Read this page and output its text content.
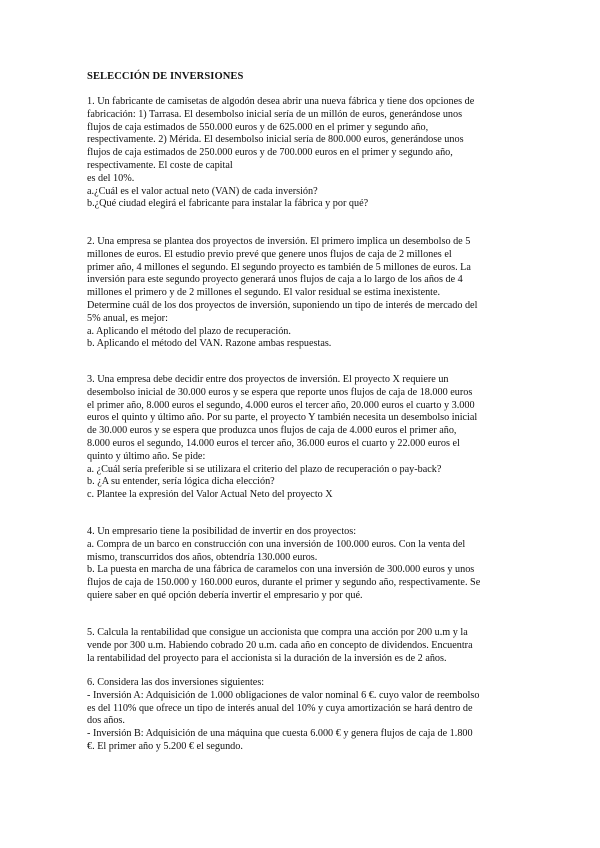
SELECCIÓN DE INVERSIONES

1. Un fabricante de camisetas de algodón desea abrir una nueva fábrica y tiene dos opciones de

fabricación: 1) Tarrasa. El desembolso inicial sería de un millón de euros, generándose unos

flujos de caja estimados de 550.000 euros y de 625.000 en el primer y segundo año,

respectivamente. 2) Mérida. El desembolso inicial sería de 800.000 euros, generándose unos

flujos de caja estimados de 250.000 euros y de 700.000 euros en el primer y segundo año,

respectivamente. El coste de capital

es del 10%.

a.¿Cuál es el valor actual neto (VAN) de cada inversión?

b.¿Qué ciudad elegirá el fabricante para instalar la fábrica y por qué?

2. Una empresa se plantea dos proyectos de inversión. El primero implica un desembolso de 5

millones de euros. El estudio previo prevé que genere unos flujos de caja de 2 millones el

primer año, 4 millones el segundo. El segundo proyecto es también de 5 millones de euros. La

inversión para este segundo proyecto generará unos flujos de caja a lo largo de los años de 4

millones el primero y de 2 millones el segundo. El valor residual se estima inexistente.

Determine cuál de los dos proyectos de inversión, suponiendo un tipo de interés de mercado del

5% anual, es mejor:

a. Aplicando el método del plazo de recuperación.

b. Aplicando el método del VAN. Razone ambas respuestas.

3. Una empresa debe decidir entre dos proyectos de inversión. El proyecto X requiere un

desembolso inicial de 30.000 euros y se espera que reporte unos flujos de caja de 18.000 euros

el primer año, 8.000 euros el segundo, 4.000 euros el tercer año, 20.000 euros el cuarto y 3.000

euros el quinto y último año. Por su parte, el proyecto Y también necesita un desembolso inicial

de 30.000 euros y se espera que produzca unos flujos de caja de 4.000 euros el primer año,

8.000 euros el segundo, 14.000 euros el tercer año, 36.000 euros el cuarto y 22.000 euros el

quinto y último año. Se pide:

a. ¿Cuál sería preferible si se utilizara el criterio del plazo de recuperación o pay-back?

b. ¿A su entender, sería lógica dicha elección?

c. Plantee la expresión del Valor Actual Neto del proyecto X

4. Un empresario tiene la posibilidad de invertir en dos proyectos:

a. Compra de un barco en construcción con una inversión de 100.000 euros. Con la venta del

mismo, transcurridos dos años, obtendría 130.000 euros.

b. La puesta en marcha de una fábrica de caramelos con una inversión de 300.000 euros y unos

flujos de caja de 150.000 y 160.000 euros, durante el primer y segundo año, respectivamente. Se

quiere saber en qué opción debería invertir el empresario y por qué.

5. Calcula la rentabilidad que consigue un accionista que compra una acción por 200 u.m y la

vende por 300 u.m. Habiendo cobrado 20 u.m. cada año en concepto de dividendos. Encuentra

la rentabilidad del proyecto para el accionista si la duración de la inversión es de 2 años.

6. Considera las dos inversiones siguientes:

- Inversión A: Adquisición de 1.000 obligaciones de valor nominal 6 €. cuyo valor de reembolso

es del 110% que ofrece un tipo de interés anual del 10% y cuya amortización se hará dentro de

dos años.

- Inversión B: Adquisición de una máquina que cuesta 6.000 € y genera flujos de caja de 1.800

€. El primer año y 5.200 € el segundo.
